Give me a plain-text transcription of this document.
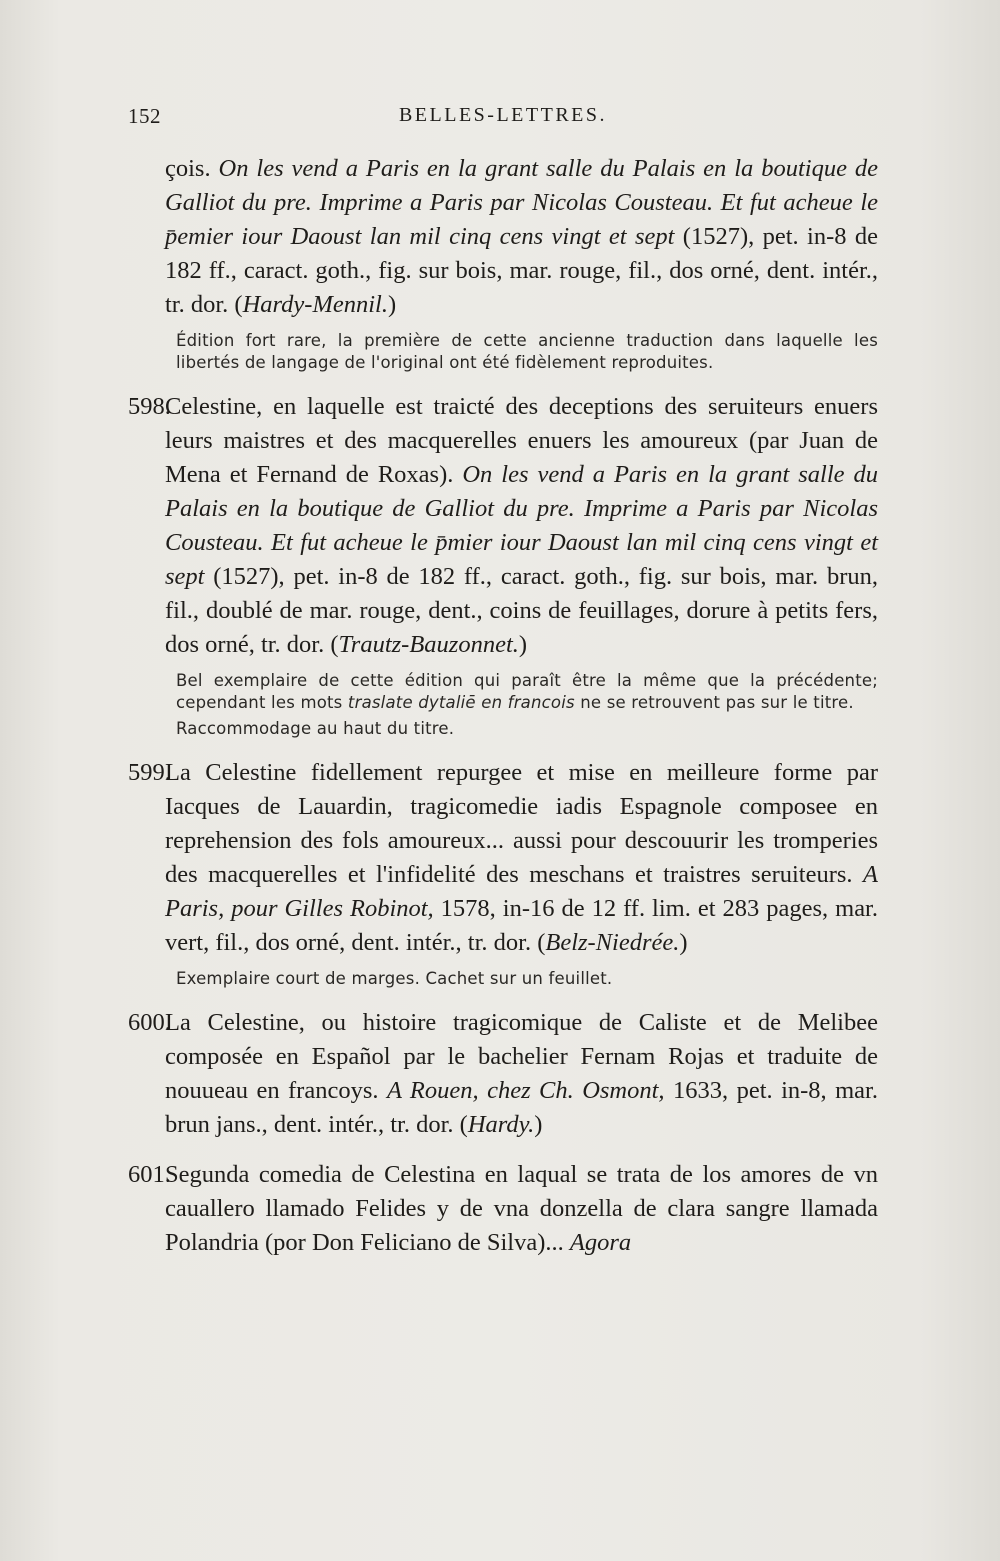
152	BELLES-LETTRES.
çois. On les vend a Paris en la grant salle du Palais en la boutique de Galliot du pre. Imprime a Paris par Nicolas Cousteau. Et fut acheue le p̄emier iour Daoust lan mil cinq cens vingt et sept (1527), pet. in-8 de 182 ff., caract. goth., fig. sur bois, mar. rouge, fil., dos orné, dent. intér., tr. dor. (Hardy-Mennil.)
Édition fort rare, la première de cette ancienne traduction dans laquelle les libertés de langage de l'original ont été fidèlement reproduites.
598.
Celestine, en laquelle est traicté des deceptions des seruiteurs enuers leurs maistres et des macquerelles enuers les amoureux (par Juan de Mena et Fernand de Roxas). On les vend a Paris en la grant salle du Palais en la boutique de Galliot du pre. Imprime a Paris par Nicolas Cousteau. Et fut acheue le p̄mier iour Daoust lan mil cinq cens vingt et sept (1527), pet. in-8 de 182 ff., caract. goth., fig. sur bois, mar. brun, fil., doublé de mar. rouge, dent., coins de feuillages, dorure à petits fers, dos orné, tr. dor. (Trautz-Bauzonnet.)
Bel exemplaire de cette édition qui paraît être la même que la précédente; cependant les mots traslate dytaliē en francois ne se retrouvent pas sur le titre.
Raccommodage au haut du titre.
599.
La Celestine fidellement repurgee et mise en meilleure forme par Iacques de Lauardin, tragicomedie iadis Espagnole composee en reprehension des fols amoureux... aussi pour descouurir les tromperies des macquerelles et l'infidelité des meschans et traistres seruiteurs. A Paris, pour Gilles Robinot, 1578, in-16 de 12 ff. lim. et 283 pages, mar. vert, fil., dos orné, dent. intér., tr. dor. (Belz-Niedrée.)
Exemplaire court de marges. Cachet sur un feuillet.
600.
La Celestine, ou histoire tragicomique de Caliste et de Melibee composée en Español par le bachelier Fernam Rojas et traduite de nouueau en francoys. A Rouen, chez Ch. Osmont, 1633, pet. in-8, mar. brun jans., dent. intér., tr. dor. (Hardy.)
601.
Segunda comedia de Celestina en laqual se trata de los amores de vn cauallero llamado Felides y de vna donzella de clara sangre llamada Polandria (por Don Feliciano de Silva)... Agora
